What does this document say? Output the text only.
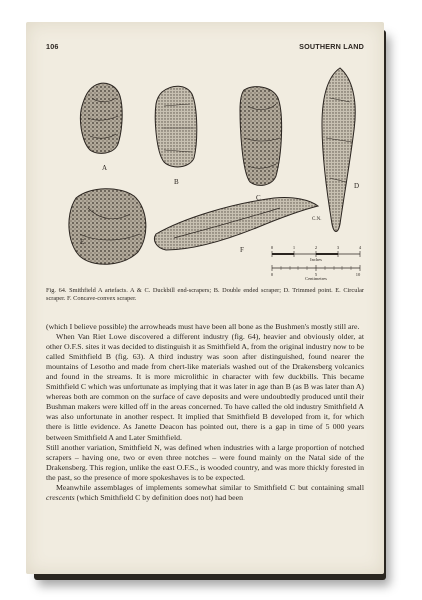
106	SOUTHERN LAND
A
B
C
D
E
F
C.N.
0	1	2	3	4
Inches
0	5	10
Centimetres
Fig. 64. Smithfield A artefacts. A & C. Duckbill end-scrapers; B. Double ended scraper; D. Trimmed point. E. Circular scraper. F. Concave-convex scraper.

(which I believe possible) the arrowheads must have been all bone as the Bushmen's mostly still are.

When Van Riet Lowe discovered a different industry (fig. 64), heavier and obviously older, at other O.F.S. sites it was decided to distinguish it as Smithfield A, from the original industry now to be called Smithfield B (fig. 63). A third industry was soon after distinguished, found nearer the mountains of Lesotho and made from chert-like materials washed out of the Drakensberg volcanics and found in the streams. It is more microlithic in character with few duckbills. This became Smithfield C which was unfortunate as implying that it was later in age than B (as B was later than A) whereas both are common on the surface of cave deposits and were undoubtedly produced until their Bushman makers were killed off in the areas concerned. To have called the old industry Smithfield A was also unfortunate in another respect. It implied that Smithfield B developed from it, for which there is little evidence. As Janette Deacon has pointed out, there is a gap in time of 5 000 years between Smithfield A and Later Smithfield.

Still another variation, Smithfield N, was defined when industries with a large proportion of notched scrapers – having one, two or even three notches – were found mainly on the Natal side of the Drakensberg. This region, unlike the east O.F.S., is wooded country, and was more thickly forested in the past, so the presence of more spokeshaves is to be expected.

Meanwhile assemblages of implements somewhat similar to Smithfield C but containing small crescents (which Smithfield C by definition does not) had been
